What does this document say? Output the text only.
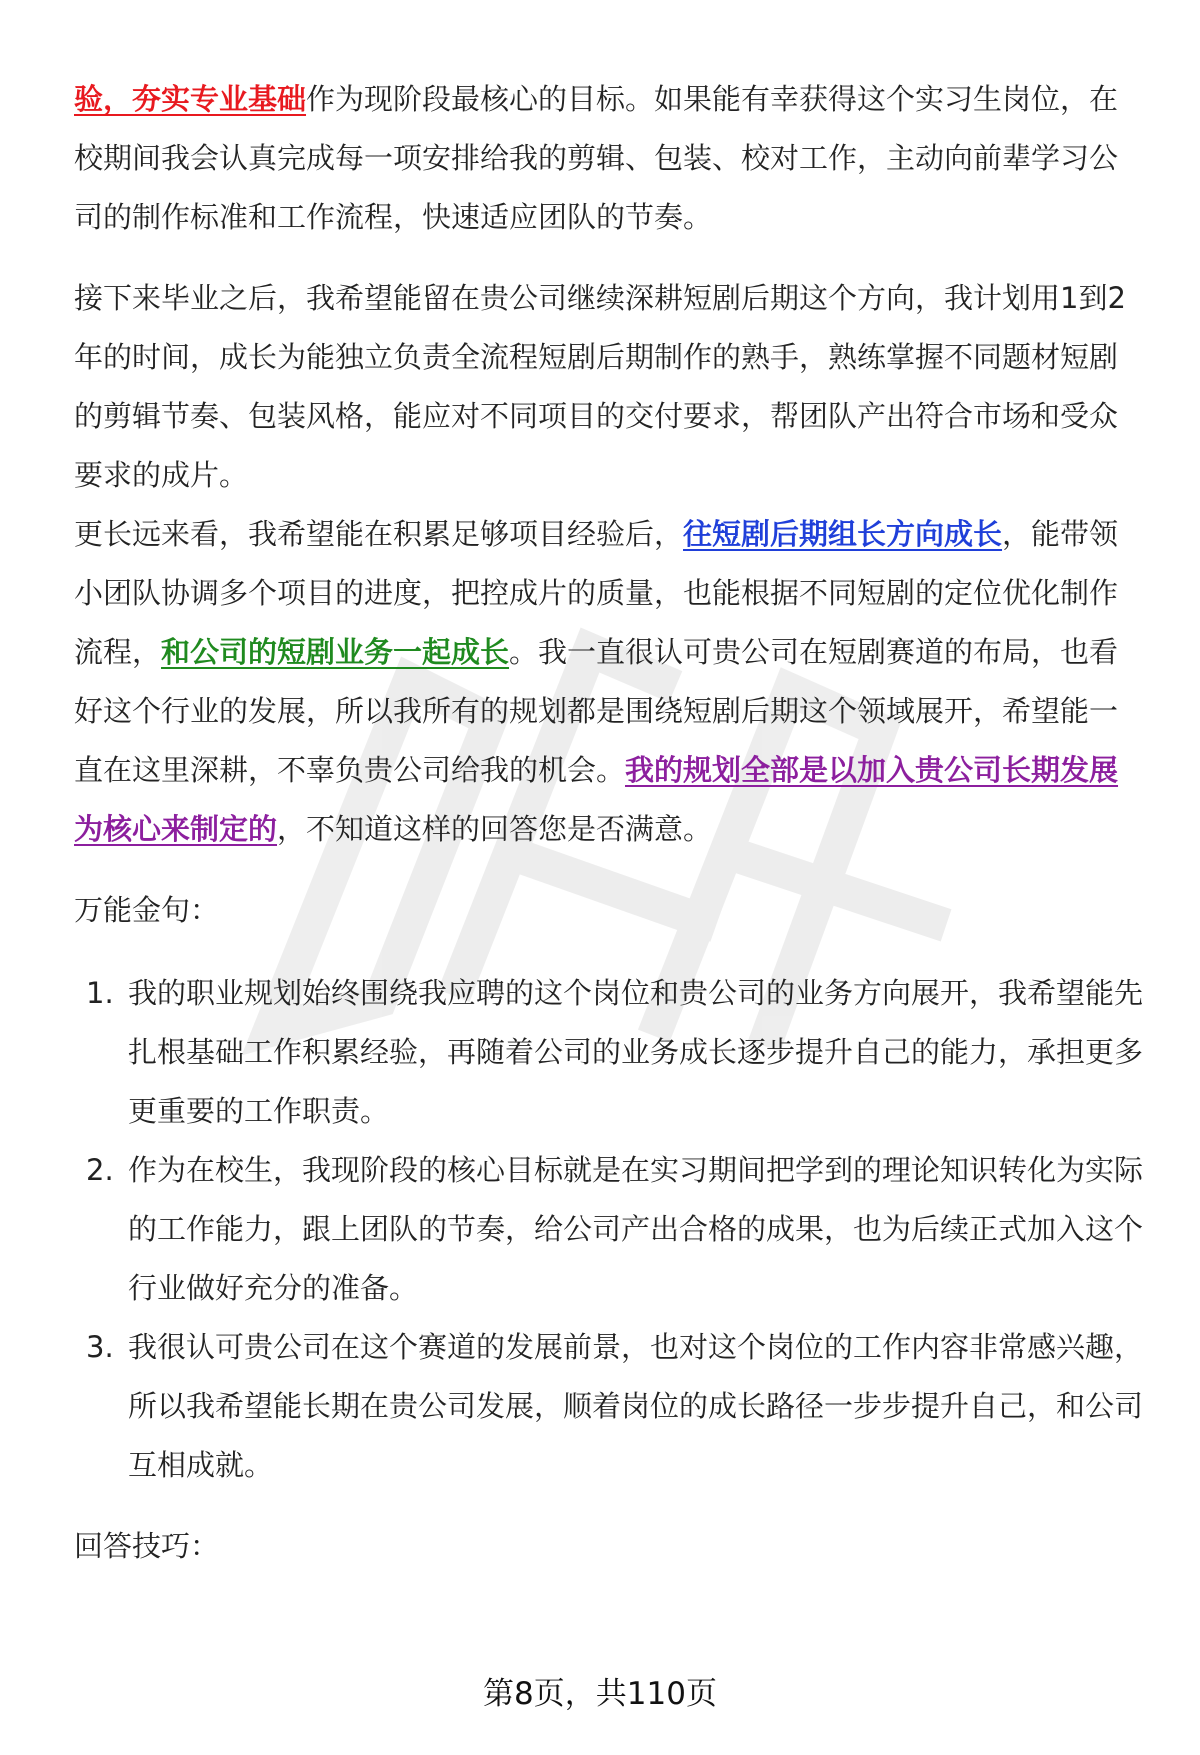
验，夯实专业基础作为现阶段最核心的目标。如果能有幸获得这个实习生岗位，在校期间我会认真完成每一项安排给我的剪辑、包装、校对工作，主动向前辈学习公司的制作标准和工作流程，快速适应团队的节奏。

接下来毕业之后，我希望能留在贵公司继续深耕短剧后期这个方向，我计划用1到2年的时间，成长为能独立负责全流程短剧后期制作的熟手，熟练掌握不同题材短剧的剪辑节奏、包装风格，能应对不同项目的交付要求，帮团队产出符合市场和受众要求的成片。

更长远来看，我希望能在积累足够项目经验后，往短剧后期组长方向成长，能带领小团队协调多个项目的进度，把控成片的质量，也能根据不同短剧的定位优化制作流程，和公司的短剧业务一起成长。我一直很认可贵公司在短剧赛道的布局，也看好这个行业的发展，所以我所有的规划都是围绕短剧后期这个领域展开，希望能一直在这里深耕，不辜负贵公司给我的机会。我的规划全部是以加入贵公司长期发展为核心来制定的，不知道这样的回答您是否满意。

万能金句：

1. 我的职业规划始终围绕我应聘的这个岗位和贵公司的业务方向展开，我希望能先扎根基础工作积累经验，再随着公司的业务成长逐步提升自己的能力，承担更多更重要的工作职责。
2. 作为在校生，我现阶段的核心目标就是在实习期间把学到的理论知识转化为实际的工作能力，跟上团队的节奏，给公司产出合格的成果，也为后续正式加入这个行业做好充分的准备。
3. 我很认可贵公司在这个赛道的发展前景，也对这个岗位的工作内容非常感兴趣，所以我希望能长期在贵公司发展，顺着岗位的成长路径一步步提升自己，和公司互相成就。

回答技巧：

第8页，共110页
